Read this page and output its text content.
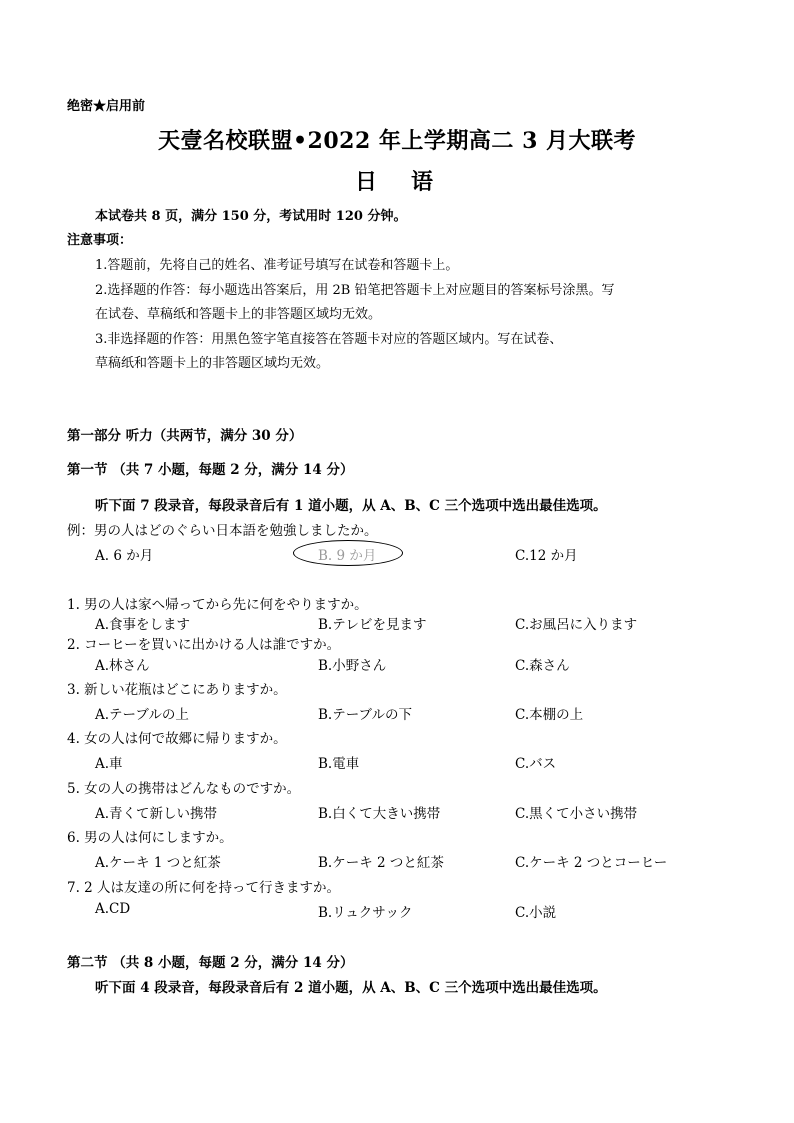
绝密★启用前
天壹名校联盟•2022 年上学期高二 3 月大联考
日　语
本试卷共 8 页，满分 150 分，考试用时 120 分钟。
注意事项：
1.答题前，先将自己的姓名、准考证号填写在试卷和答题卡上。
2.选择题的作答：每小题选出答案后，用 2B 铅笔把答题卡上对应题目的答案标号涂黑。写
在试卷、草稿纸和答题卡上的非答题区域均无效。
3.非选择题的作答：用黑色签字笔直接答在答题卡对应的答题区域内。写在试卷、
草稿纸和答题卡上的非答题区域均无效。
第一部分 听力（共两节，满分 30 分）
第一节 （共 7 小题，每题 2 分，满分 14 分）
听下面 7 段录音，每段录音后有 1 道小题，从 A、B、C 三个选项中选出最佳选项。
例：男の人はどのぐらい日本語を勉強しましたか。
A. 6 か月	B. 9 か月	C.12 か月
1. 男の人は家へ帰ってから先に何をやりますか。
A.食事をします	B.テレビを見ます	C.お風呂に入ります
2. コーヒーを買いに出かける人は誰ですか。
A.林さん	B.小野さん	C.森さん
3. 新しい花瓶はどこにありますか。
A.テーブルの上	B.テーブルの下	C.本棚の上
4. 女の人は何で故郷に帰りますか。
A.車	B.電車	C.バス
5. 女の人の携帯はどんなものですか。
A.青くて新しい携帯	B.白くて大きい携帯	C.黒くて小さい携帯
6. 男の人は何にしますか。
A.ケーキ 1 つと紅茶	B.ケーキ 2 つと紅茶	C.ケーキ 2 つとコーヒー
7. 2 人は友達の所に何を持って行きますか。
A.CD	B.リュクサック	C.小説
第二节 （共 8 小题，每题 2 分，满分 14 分）
听下面 4 段录音，每段录音后有 2 道小题，从 A、B、C 三个选项中选出最佳选项。
